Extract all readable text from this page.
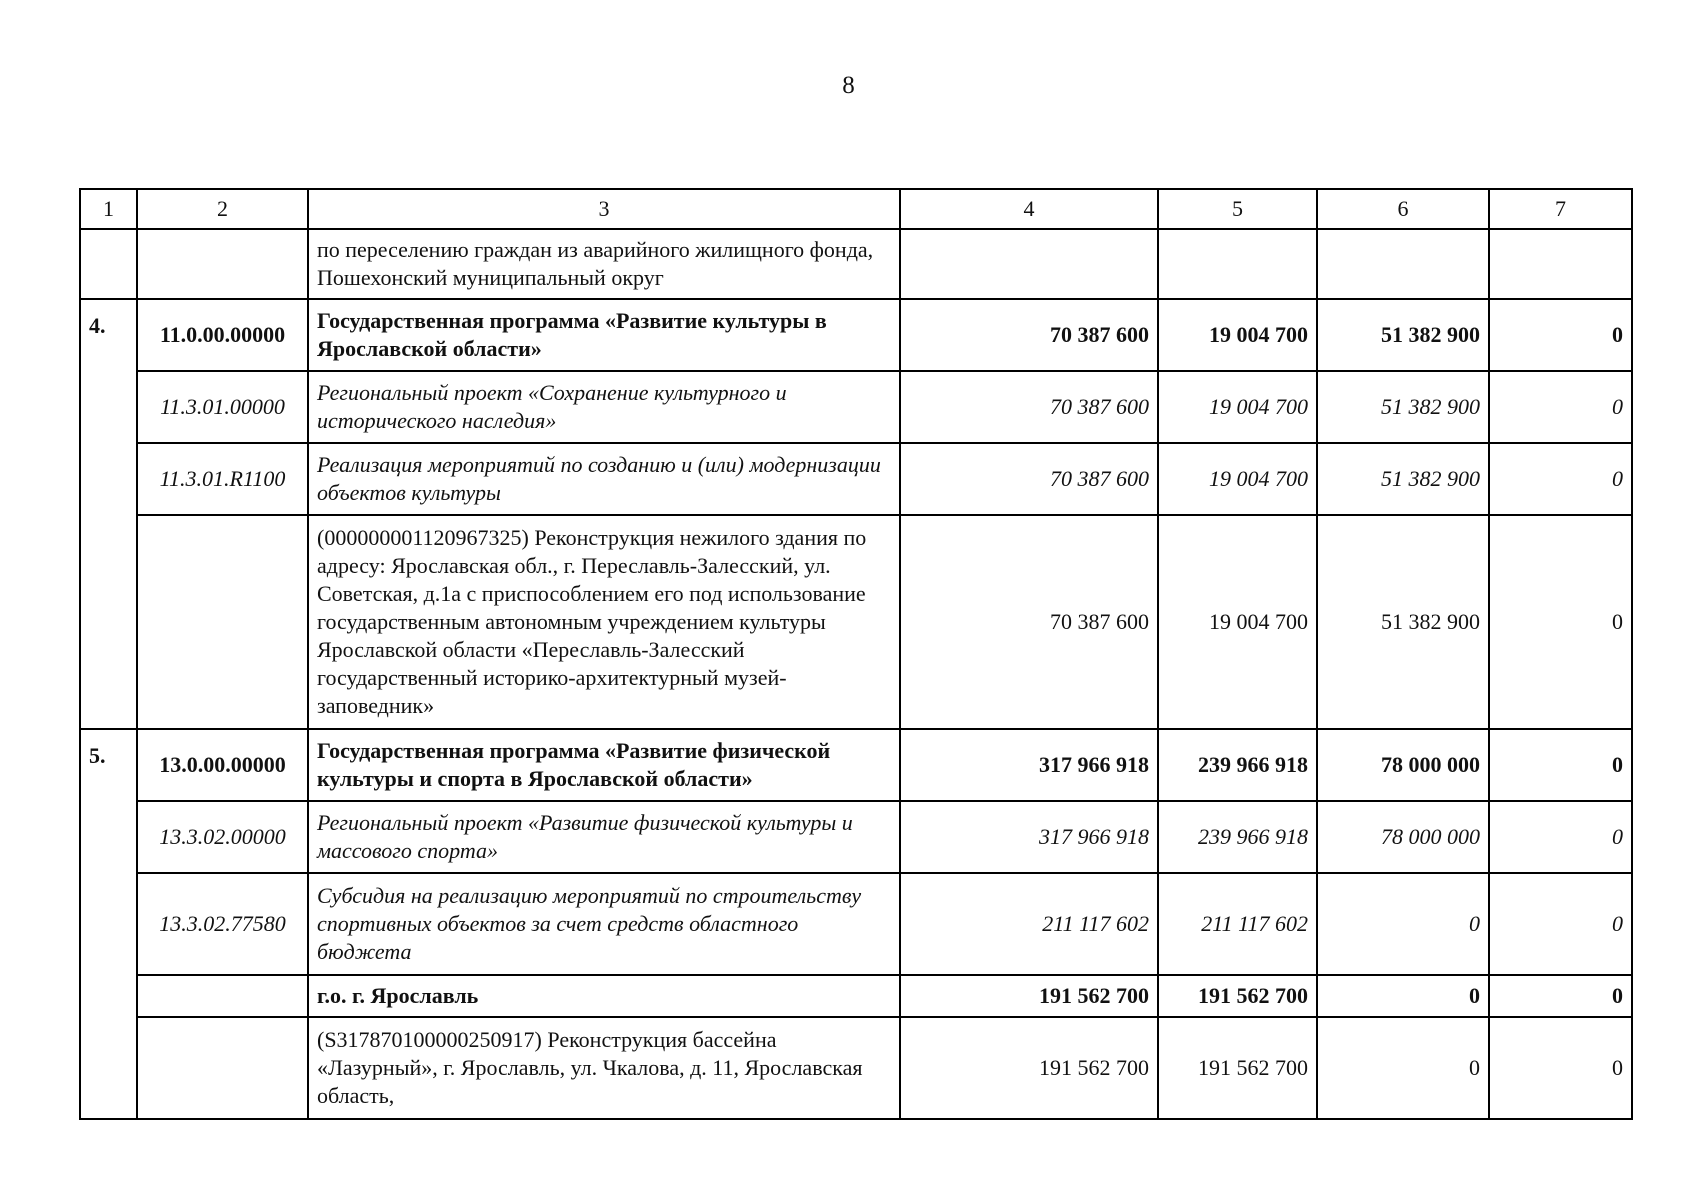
8
1	2	3	4	5	6	7
		по переселению граждан из аварийного жилищного фонда, Пошехонский муниципальный округ				
4.	11.0.00.00000	Государственная программа «Развитие культуры в Ярославской области»	70 387 600	19 004 700	51 382 900	0
	11.3.01.00000	Региональный проект «Сохранение культурного и исторического наследия»	70 387 600	19 004 700	51 382 900	0
	11.3.01.R1100	Реализация мероприятий по созданию и (или) модернизации объектов культуры	70 387 600	19 004 700	51 382 900	0
		(000000001120967325) Реконструкция нежилого здания по адресу: Ярославская обл., г. Переславль-Залесский, ул. Советская, д.1а с приспособлением его под использование государственным автономным учреждением культуры Ярославской области «Переславль-Залесский государственный историко-архитектурный музей-заповедник»	70 387 600	19 004 700	51 382 900	0
5.	13.0.00.00000	Государственная программа «Развитие физической культуры и спорта в Ярославской области»	317 966 918	239 966 918	78 000 000	0
	13.3.02.00000	Региональный проект «Развитие физической культуры и массового спорта»	317 966 918	239 966 918	78 000 000	0
	13.3.02.77580	Субсидия на реализацию мероприятий по строительству спортивных объектов за счет средств областного бюджета	211 117 602	211 117 602	0	0
		г.о. г. Ярославль	191 562 700	191 562 700	0	0
		(S317870100000250917) Реконструкция бассейна «Лазурный», г. Ярославль, ул. Чкалова, д. 11, Ярославская область,	191 562 700	191 562 700	0	0
